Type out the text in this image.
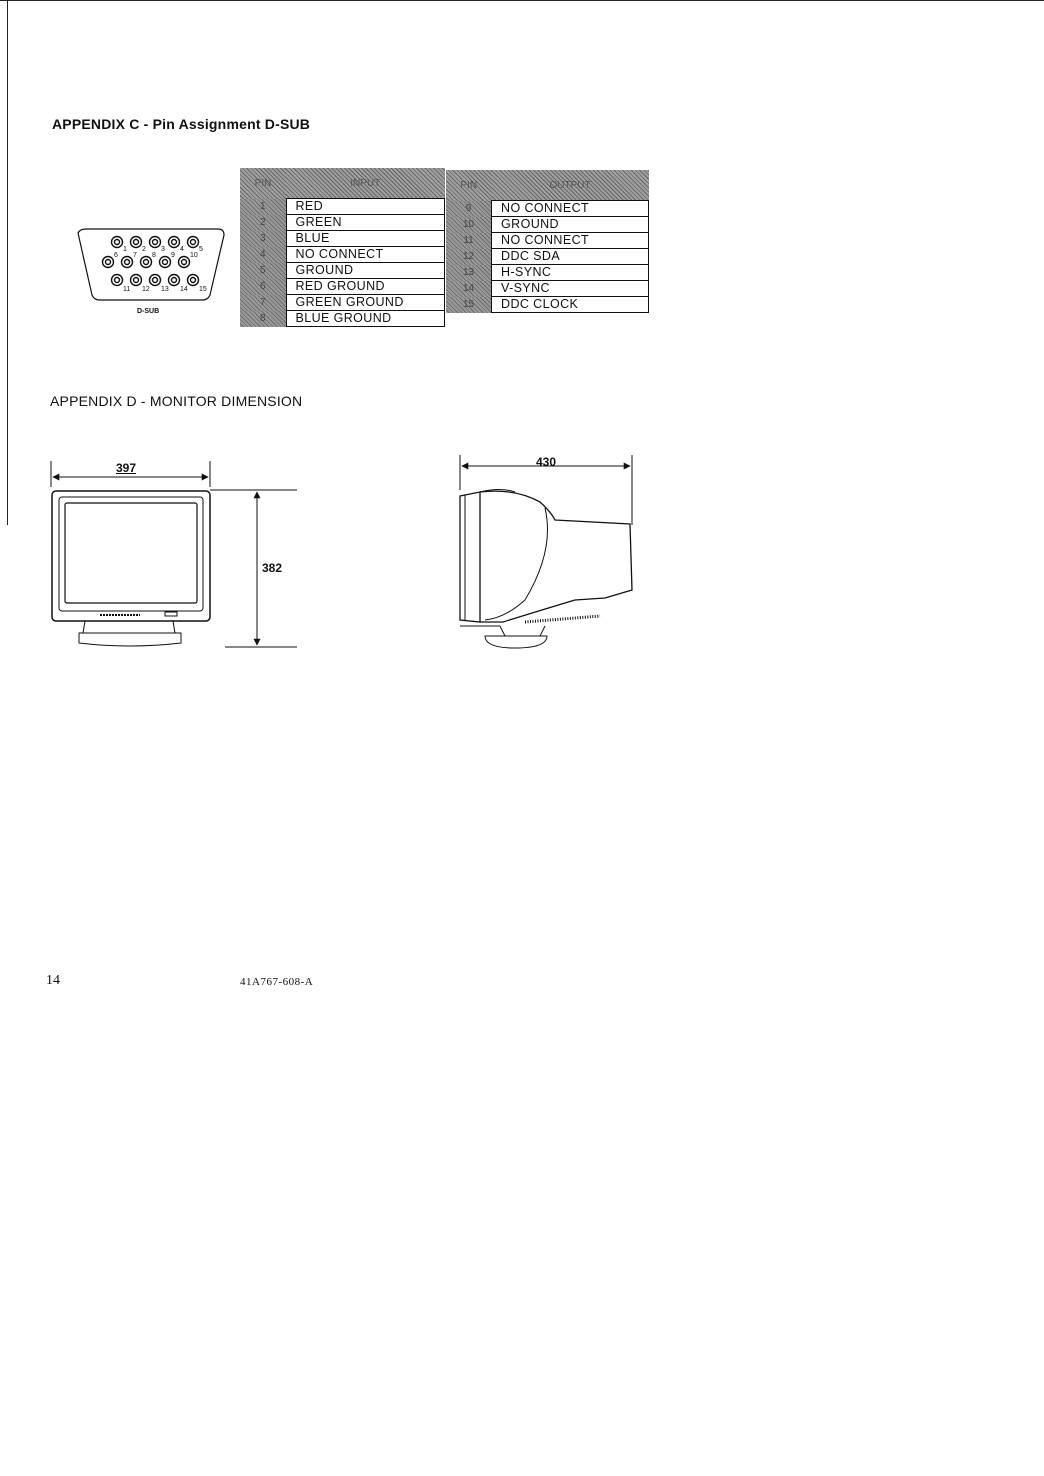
APPENDIX C - Pin Assignment D-SUB
1 2 3 4 5
6 7 8 9 10
11 12 13 14 15
D-SUB
PIN	INPUT
1	RED
2	GREEN
3	BLUE
4	NO CONNECT
5	GROUND
6	RED GROUND
7	GREEN GROUND
8	BLUE GROUND
PIN	OUTPUT
9	NO CONNECT
10	GROUND
11	NO CONNECT
12	DDC SDA
13	H-SYNC
14	V-SYNC
15	DDC CLOCK
APPENDIX D - MONITOR DIMENSION
397
382
430
14	41A767-608-A
